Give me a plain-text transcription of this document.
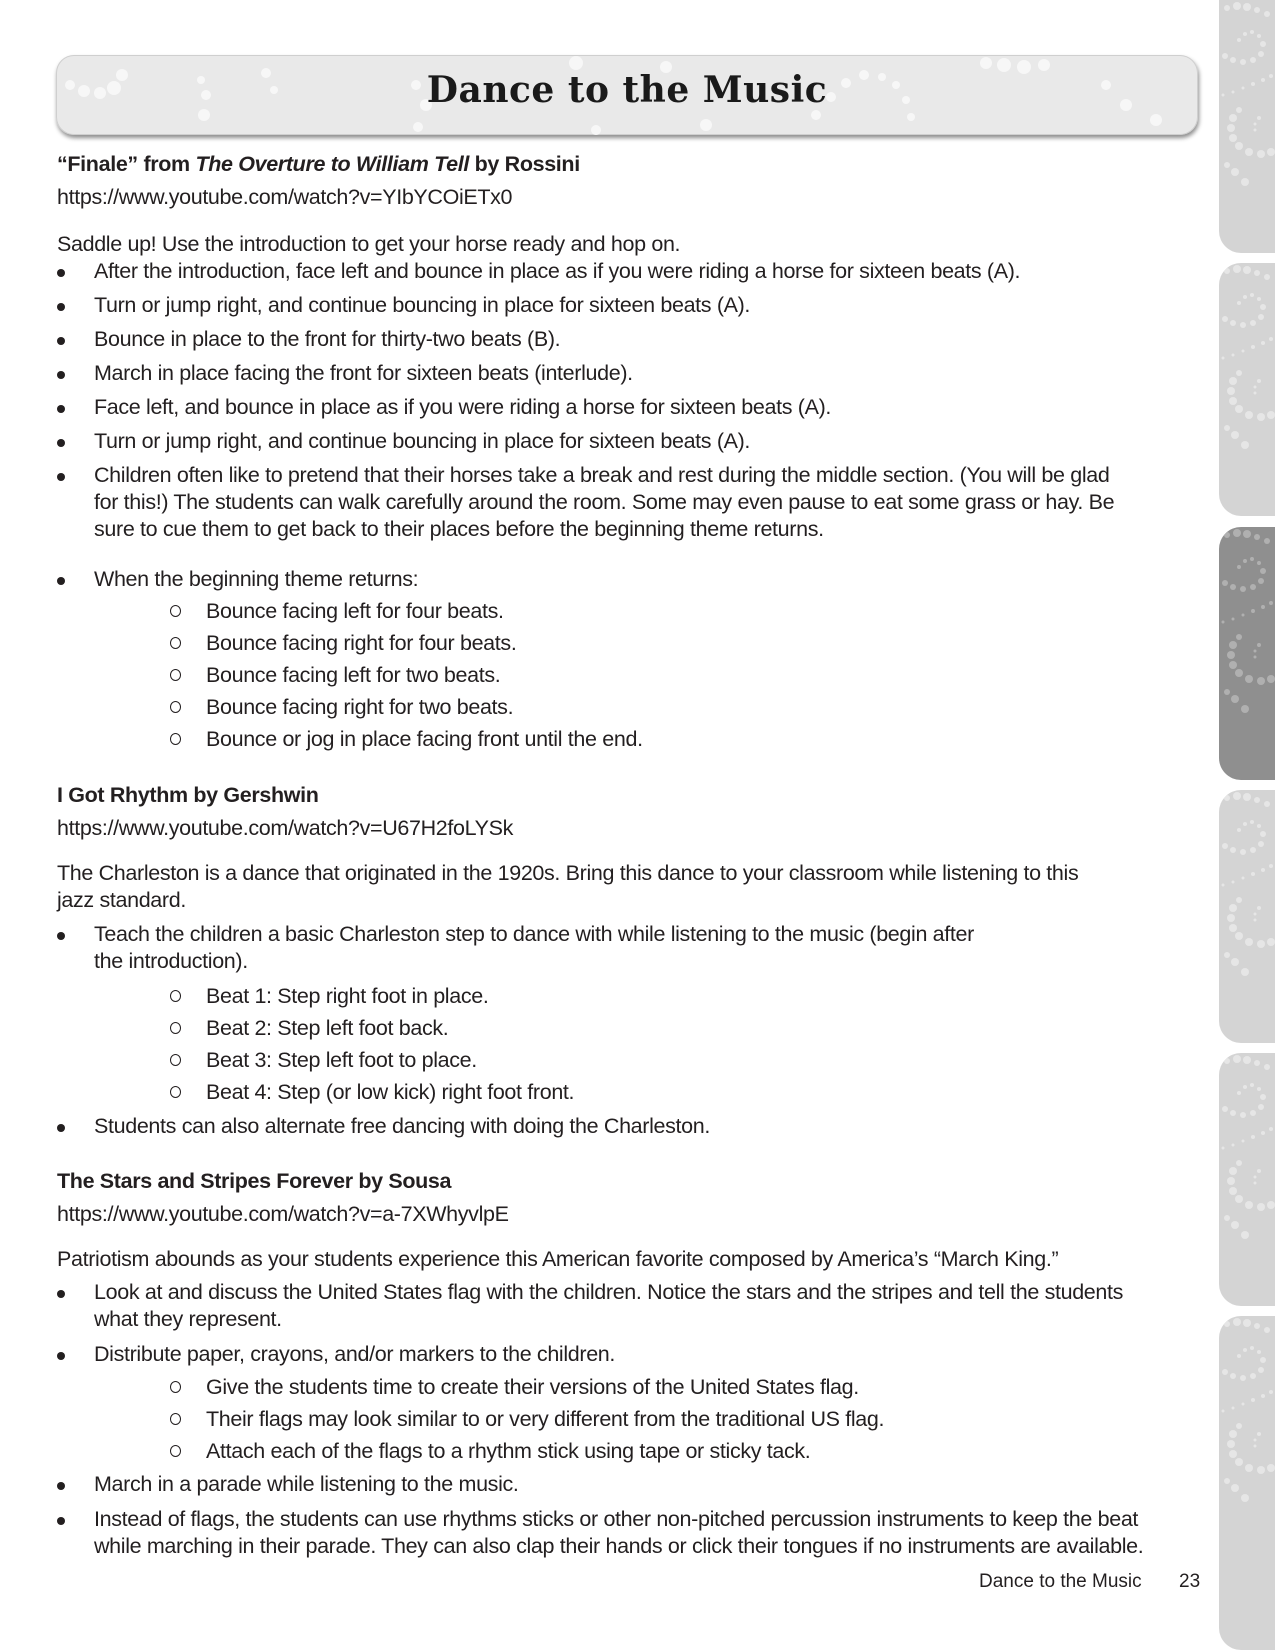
Dance to the Music
“Finale” from The Overture to William Tell by Rossini
https://www.youtube.com/watch?v=YIbYCOiETx0
Saddle up! Use the introduction to get your horse ready and hop on.
After the introduction, face left and bounce in place as if you were riding a horse for sixteen beats (A).
Turn or jump right, and continue bouncing in place for sixteen beats (A).
Bounce in place to the front for thirty-two beats (B).
March in place facing the front for sixteen beats (interlude).
Face left, and bounce in place as if you were riding a horse for sixteen beats (A).
Turn or jump right, and continue bouncing in place for sixteen beats (A).
Children often like to pretend that their horses take a break and rest during the middle section. (You will be glad
for this!) The students can walk carefully around the room. Some may even pause to eat some grass or hay. Be
sure to cue them to get back to their places before the beginning theme returns.
When the beginning theme returns:
Bounce facing left for four beats.
Bounce facing right for four beats.
Bounce facing left for two beats.
Bounce facing right for two beats.
Bounce or jog in place facing front until the end.
I Got Rhythm by Gershwin
https://www.youtube.com/watch?v=U67H2foLYSk
The Charleston is a dance that originated in the 1920s. Bring this dance to your classroom while listening to this
jazz standard.
Teach the children a basic Charleston step to dance with while listening to the music (begin after
the introduction).
Beat 1: Step right foot in place.
Beat 2: Step left foot back.
Beat 3: Step left foot to place.
Beat 4: Step (or low kick) right foot front.
Students can also alternate free dancing with doing the Charleston.
The Stars and Stripes Forever by Sousa
https://www.youtube.com/watch?v=a-7XWhyvlpE
Patriotism abounds as your students experience this American favorite composed by America’s “March King.”
Look at and discuss the United States flag with the children. Notice the stars and the stripes and tell the students
what they represent.
Distribute paper, crayons, and/or markers to the children.
Give the students time to create their versions of the United States flag.
Their flags may look similar to or very different from the traditional US flag.
Attach each of the flags to a rhythm stick using tape or sticky tack.
March in a parade while listening to the music.
Instead of flags, the students can use rhythms sticks or other non-pitched percussion instruments to keep the beat
while marching in their parade. They can also clap their hands or click their tongues if no instruments are available.
Dance to the Music 23
